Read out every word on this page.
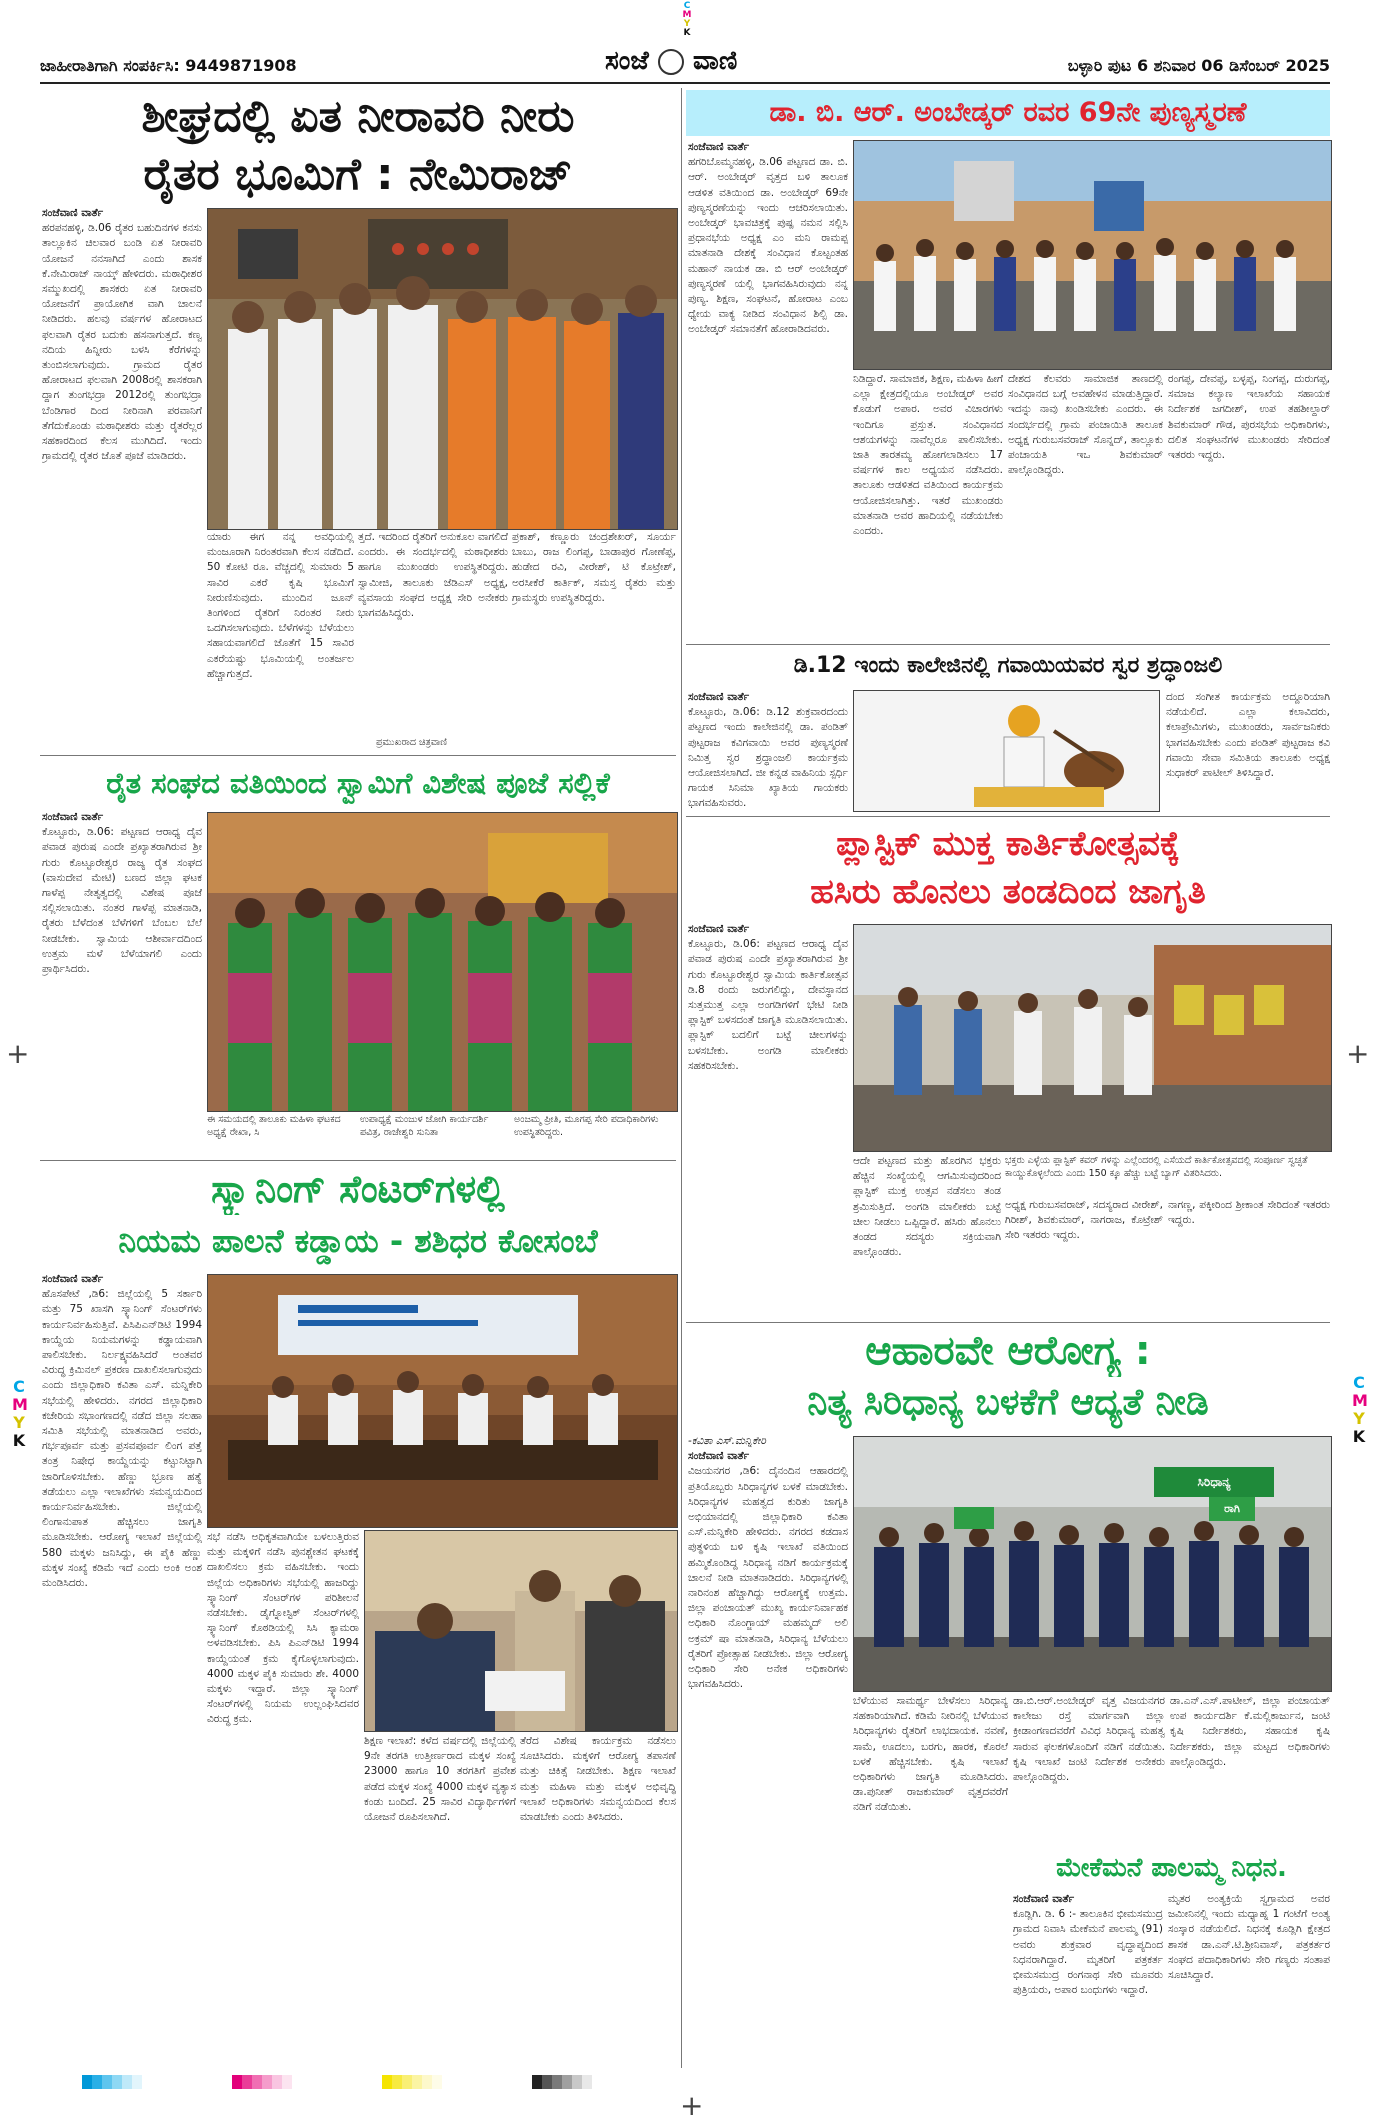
C
M
Y
K
C
M
Y
K
C
M
Y
K
+	+
+
ಜಾಹೀರಾತಿಗಾಗಿ ಸಂಪರ್ಕಿಸಿ: 9449871908	ಸಂಜೆ ವಾಣಿ	ಬಳ್ಳಾರಿ ಪುಟ 6 ಶನಿವಾರ 06 ಡಿಸೆಂಬರ್ 2025
ಶೀಘ್ರದಲ್ಲಿ ಏತ ನೀರಾವರಿ ನೀರು
ರೈತರ ಭೂಮಿಗೆ : ನೇಮಿರಾಜ್
ಸಂಜೆವಾಣಿ ವಾರ್ತೆ

ಹರಪನಹಳ್ಳಿ, ಡಿ.06 ರೈತರ ಬಹುದಿನಗಳ ಕನಸು ತಾಲ್ಲೂಕಿನ ಚಿಲವಾರ ಬಂಡಿ ಏತ ನೀರಾವರಿ ಯೋಜನೆ ನನಸಾಗಿದೆ ಎಂದು ಶಾಸಕ ಕೆ.ನೇಮಿರಾಜ್ ನಾಯ್ಕ್ ಹೇಳಿದರು. ಮಠಾಧೀಶರ ಸಮ್ಮುಖದಲ್ಲಿ ಶಾಸಕರು ಏತ ನೀರಾವರಿ ಯೋಜನೆಗೆ ಪ್ರಾಯೋಗಿಕ ವಾಗಿ ಚಾಲನೆ ನೀಡಿದರು. ಹಲವು ವರ್ಷಗಳ ಹೋರಾಟದ ಫಲವಾಗಿ ರೈತರ ಬದುಕು ಹಸನಾಗುತ್ತದೆ. ಕಣ್ವ ನದಿಯ ಹಿನ್ನೀರು ಬಳಸಿ ಕೆರೆಗಳನ್ನು ತುಂಬಿಸಲಾಗುವುದು. ಗ್ರಾಮದ ರೈತರ ಹೋರಾಟದ ಫಲವಾಗಿ 2008ರಲ್ಲಿ ಶಾಸಕರಾಗಿ ದ್ದಾಗ ತುಂಗಭದ್ರಾ 2012ರಲ್ಲಿ ತುಂಗಭದ್ರಾ ಬೆಂಡಿಗಾರ ದಿಂದ ನೀರಿನಾಗಿ ಪರವಾನಿಗೆ ತೆಗೆದುಕೊಂಡು ಮಠಾಧೀಶರು ಮತ್ತು ರೈತರೆಲ್ಲರ ಸಹಕಾರದಿಂದ ಕೆಲಸ ಮುಗಿದಿದೆ. ಇಂದು ಗ್ರಾಮದಲ್ಲಿ ರೈತರ ಜೊತೆ ಪೂಜೆ ಮಾಡಿದರು.

ಯಾರು ಈಗ ನನ್ನ ಅವಧಿಯಲ್ಲಿ ಮಂಜೂರಾಗಿ ನಿರಂತರವಾಗಿ ಕೆಲಸ ನಡೆದಿದೆ. 50 ಕೋಟಿ ರೂ. ವೆಚ್ಚದಲ್ಲಿ ಸುಮಾರು 5 ಸಾವಿರ ಎಕರೆ ಕೃಷಿ ಭೂಮಿಗೆ ನೀರುಣಿಸುವುದು. ಮುಂದಿನ ಜೂನ್ ತಿಂಗಳಿಂದ ರೈತರಿಗೆ ನಿರಂತರ ನೀರು ಒದಗಿಸಲಾಗುವುದು. ಬೆಳೆಗಳನ್ನು ಬೆಳೆಯಲು ಸಹಾಯವಾಗಲಿದೆ ಜೊತೆಗೆ 15 ಸಾವಿರ ಎಕರೆಯಷ್ಟು ಭೂಮಿಯಲ್ಲಿ ಅಂತರ್ಜಲ ಹೆಚ್ಚಾಗುತ್ತದೆ.

ತ್ತದೆ. ಇದರಿಂದ ರೈತರಿಗೆ ಅನುಕೂಲ ವಾಗಲಿದೆ ಎಂದರು. ಈ ಸಂದರ್ಭದಲ್ಲಿ ಮಠಾಧೀಶರು ಹಾಗೂ ಮುಖಂಡರು ಉಪಸ್ಥಿತರಿದ್ದರು. ಸ್ವಾಮೀಜಿ, ತಾಲೂಕು ಜೆಡಿಎಸ್ ಅಧ್ಯಕ್ಷ, ವ್ಯವಸಾಯ ಸಂಘದ ಅಧ್ಯಕ್ಷ ಸೇರಿ ಅನೇಕರು ಭಾಗವಹಿಸಿದ್ದರು.

ಪ್ರಕಾಶ್, ಕಣ್ಣೂರು ಚಂದ್ರಶೇಖರ್, ಸೂರ್ಯ ಬಾಬು, ರಾಜ ಲಿಂಗಪ್ಪ, ಬಾಡಾಪುರ ಗೋಣೆಪ್ಪ, ಹುಡೇದ ರವಿ, ವೀರೇಶ್, ಟಿ ಕೊಟ್ರೇಶ್, ಅರಸೀಕೆರೆ ಕಾರ್ತಿಕ್, ಸಮಸ್ತ ರೈತರು ಮತ್ತು ಗ್ರಾಮಸ್ಥರು ಉಪಸ್ಥಿತರಿದ್ದರು.

ಪ್ರಮುಖರಾದ ಚಿತ್ರವಾಣಿ
ರೈತ ಸಂಘದ ವತಿಯಿಂದ ಸ್ವಾಮಿಗೆ ವಿಶೇಷ ಪೂಜೆ ಸಲ್ಲಿಕೆ
ಸಂಜೆವಾಣಿ ವಾರ್ತೆ

ಕೊಟ್ಟೂರು, ಡಿ.06: ಪಟ್ಟಣದ ಆರಾಧ್ಯ ದೈವ ಪವಾಡ ಪುರುಷ ಎಂದೇ ಪ್ರಖ್ಯಾತರಾಗಿರುವ ಶ್ರೀ ಗುರು ಕೊಟ್ಟೂರೇಶ್ವರ ರಾಜ್ಯ ರೈತ ಸಂಘದ (ವಾಸುದೇವ ಮೇಟಿ) ಬಣದ ಜಿಲ್ಲಾ ಘಟಕ ಗಾಳೆಪ್ಪ ನೇತೃತ್ವದಲ್ಲಿ ವಿಶೇಷ ಪೂಜೆ ಸಲ್ಲಿಸಲಾಯಿತು. ನಂತರ ಗಾಳೆಪ್ಪ ಮಾತನಾಡಿ, ರೈತರು ಬೆಳೆದಂತ ಬೆಳೆಗಳಿಗೆ ಬೆಂಬಲ ಬೆಲೆ ನೀಡಬೇಕು. ಸ್ವಾಮಿಯ ಆಶೀರ್ವಾದದಿಂದ ಉತ್ತಮ ಮಳೆ ಬೆಳೆಯಾಗಲಿ ಎಂದು ಪ್ರಾರ್ಥಿಸಿದರು.

ಈ ಸಮಯದಲ್ಲಿ ತಾಲೂಕು ಮಹಿಳಾ ಘಟಕದ ಅಧ್ಯಕ್ಷೆ ರೇಖಾ, ಸಿ
ಉಪಾಧ್ಯಕ್ಷೆ ಮಂಜುಳ ಜೋಗಿ ಕಾರ್ಯದರ್ಶಿ ಪವಿತ್ರ, ರಾಜೇಶ್ವರಿ ಸುನಿತಾ
ಅಂಜಮ್ಮ ಪ್ರೀತಿ, ಮೂಗಪ್ಪ ಸೇರಿ ಪದಾಧಿಕಾರಿಗಳು ಉಪಸ್ಥಿತರಿದ್ದರು.
ಸ್ಕ್ಯಾನಿಂಗ್ ಸೆಂಟರ್‌ಗಳಲ್ಲಿ
ನಿಯಮ ಪಾಲನೆ ಕಡ್ಡಾಯ - ಶಶಿಧರ ಕೋಸಂಬೆ
ಸಂಜೆವಾಣಿ ವಾರ್ತೆ

ಹೊಸಪೇಟೆ ,ಡಿ6: ಜಿಲ್ಲೆಯಲ್ಲಿ 5 ಸರ್ಕಾರಿ ಮತ್ತು 75 ಖಾಸಗಿ ಸ್ಕ್ಯಾನಿಂಗ್ ಸೆಂಟರ್‌ಗಳು ಕಾರ್ಯನಿರ್ವಹಿಸುತ್ತಿವೆ. ಪಿಸಿಪಿಎನ್‌ಡಿಟಿ 1994 ಕಾಯ್ದೆಯ ನಿಯಮಗಳನ್ನು ಕಡ್ಡಾಯವಾಗಿ ಪಾಲಿಸಬೇಕು. ನಿರ್ಲಕ್ಷ್ಯವಹಿಸಿದರೆ ಅಂತವರ ವಿರುದ್ಧ ಕ್ರಿಮಿನಲ್ ಪ್ರಕರಣ ದಾಖಲಿಸಲಾಗುವುದು ಎಂದು ಜಿಲ್ಲಾಧಿಕಾರಿ ಕವಿತಾ ಎಸ್. ಮನ್ನಿಕೇರಿ ಸಭೆಯಲ್ಲಿ ಹೇಳಿದರು. ನಗರದ ಜಿಲ್ಲಾಧಿಕಾರಿ ಕಚೇರಿಯ ಸಭಾಂಗಣದಲ್ಲಿ ನಡೆದ ಜಿಲ್ಲಾ ಸಲಹಾ ಸಮಿತಿ ಸಭೆಯಲ್ಲಿ ಮಾತನಾಡಿದ ಅವರು, ಗರ್ಭಪೂರ್ವ ಮತ್ತು ಪ್ರಸವಪೂರ್ವ ಲಿಂಗ ಪತ್ತೆ ತಂತ್ರ ನಿಷೇಧ ಕಾಯ್ದೆಯನ್ನು ಕಟ್ಟುನಿಟ್ಟಾಗಿ ಜಾರಿಗೊಳಿಸಬೇಕು. ಹೆಣ್ಣು ಭ್ರೂಣ ಹತ್ಯೆ ತಡೆಯಲು ಎಲ್ಲಾ ಇಲಾಖೆಗಳು ಸಮನ್ವಯದಿಂದ ಕಾರ್ಯನಿರ್ವಹಿಸಬೇಕು. ಜಿಲ್ಲೆಯಲ್ಲಿ ಲಿಂಗಾನುಪಾತ ಹೆಚ್ಚಿಸಲು ಜಾಗೃತಿ ಮೂಡಿಸಬೇಕು. ಆರೋಗ್ಯ ಇಲಾಖೆ ಜಿಲ್ಲೆಯಲ್ಲಿ 580 ಮಕ್ಕಳು ಜನಿಸಿದ್ದು, ಈ ಪೈಕಿ ಹೆಣ್ಣು ಮಕ್ಕಳ ಸಂಖ್ಯೆ ಕಡಿಮೆ ಇದೆ ಎಂದು ಅಂಕಿ ಅಂಶ ಮಂಡಿಸಿದರು.

ಸಭೆ ನಡೆಸಿ ಅಧಿಕೃತವಾಗಿಯೇ ಬಳಲುತ್ತಿರುವ ಮತ್ತು ಮಕ್ಕಳಿಗೆ ನಡೆಸಿ ಪುನಶ್ಚೇತನ ಘಟಕಕ್ಕೆ ದಾಖಲಿಸಲು ಕ್ರಮ ವಹಿಸಬೇಕು. ಇಂದು ಜಿಲ್ಲೆಯ ಅಧಿಕಾರಿಗಳು ಸಭೆಯಲ್ಲಿ ಹಾಜರಿದ್ದು ಸ್ಕ್ಯಾನಿಂಗ್ ಸೆಂಟರ್‌ಗಳ ಪರಿಶೀಲನೆ ನಡೆಸಬೇಕು. ಡೈಗ್ನೋಸ್ಟಿಕ್ ಸೆಂಟರ್‌ಗಳಲ್ಲಿ ಸ್ಕ್ಯಾನಿಂಗ್ ಕೊಠಡಿಯಲ್ಲಿ ಸಿಸಿ ಕ್ಯಾಮರಾ ಅಳವಡಿಸಬೇಕು. ಪಿಸಿ ಪಿಎನ್‌ಡಿಟಿ 1994 ಕಾಯ್ದೆಯಂತೆ ಕ್ರಮ ಕೈಗೊಳ್ಳಲಾಗುವುದು. 4000 ಮಕ್ಕಳ ಪೈಕಿ ಸುಮಾರು ಶೇ. 4000 ಮಕ್ಕಳು ಇದ್ದಾರೆ. ಜಿಲ್ಲಾ ಸ್ಕ್ಯಾನಿಂಗ್ ಸೆಂಟರ್‌ಗಳಲ್ಲಿ ನಿಯಮ ಉಲ್ಲಂಘಿಸಿದವರ ವಿರುದ್ಧ ಕ್ರಮ.

ಶಿಕ್ಷಣ ಇಲಾಖೆ: ಕಳೆದ ವರ್ಷದಲ್ಲಿ ಜಿಲ್ಲೆಯಲ್ಲಿ 9ನೇ ತರಗತಿ ಉತ್ತೀರ್ಣರಾದ ಮಕ್ಕಳ ಸಂಖ್ಯೆ 23000 ಹಾಗೂ 10 ತರಗತಿಗೆ ಪ್ರವೇಶ ಪಡೆದ ಮಕ್ಕಳ ಸಂಖ್ಯೆ 4000 ಮಕ್ಕಳ ವ್ಯತ್ಯಾಸ ಕಂಡು ಬಂದಿದೆ. 25 ಸಾವಿರ ವಿದ್ಯಾರ್ಥಿಗಳಿಗೆ ಯೋಜನೆ ರೂಪಿಸಲಾಗಿದೆ.

ತೆರೆದ ವಿಶೇಷ ಕಾರ್ಯಕ್ರಮ ನಡೆಸಲು ಸೂಚಿಸಿದರು. ಮಕ್ಕಳಿಗೆ ಆರೋಗ್ಯ ತಪಾಸಣೆ ಮತ್ತು ಚಿಕಿತ್ಸೆ ನೀಡಬೇಕು. ಶಿಕ್ಷಣ ಇಲಾಖೆ ಮತ್ತು ಮಹಿಳಾ ಮತ್ತು ಮಕ್ಕಳ ಅಭಿವೃದ್ಧಿ ಇಲಾಖೆ ಅಧಿಕಾರಿಗಳು ಸಮನ್ವಯದಿಂದ ಕೆಲಸ ಮಾಡಬೇಕು ಎಂದು ತಿಳಿಸಿದರು.

ಡಾ. ಬಿ. ಆರ್. ಅಂಬೇಡ್ಕರ್ ರವರ 69ನೇ ಪುಣ್ಯಸ್ಮರಣೆ
ಸಂಜೆವಾಣಿ ವಾರ್ತೆ

ಹಗರಿಬೊಮ್ಮನಹಳ್ಳಿ, ಡಿ.06 ಪಟ್ಟಣದ ಡಾ. ಬಿ. ಆರ್. ಅಂಬೇಡ್ಕರ್ ವೃತ್ತದ ಬಳಿ ತಾಲೂಕ ಆಡಳಿತ ವತಿಯಿಂದ ಡಾ. ಅಂಬೇಡ್ಕರ್ 69ನೇ ಪುಣ್ಯಸ್ಮರಣೆಯನ್ನು ಇಂದು ಆಚರಿಸಲಾಯಿತು. ಅಂಬೇಡ್ಕರ್ ಭಾವಚಿತ್ರಕ್ಕೆ ಪುಷ್ಪ ನಮನ ಸಲ್ಲಿಸಿ ಪ್ರಧಾನಭೆಯ ಅಧ್ಯಕ್ಷ ಎಂ ಮನಿ ರಾಮಪ್ಪ ಮಾತನಾಡಿ ದೇಶಕ್ಕೆ ಸಂವಿಧಾನ ಕೊಟ್ಟಂತಹ ಮಹಾನ್ ನಾಯಕ ಡಾ. ಬಿ ಆರ್ ಅಂಬೇಡ್ಕರ್ ಪುಣ್ಯಸ್ಮರಣೆ ಯಲ್ಲಿ ಭಾಗವಹಿಸಿರುವುದು ನನ್ನ ಪುಣ್ಯ. ಶಿಕ್ಷಣ, ಸಂಘಟನೆ, ಹೋರಾಟ ಎಂಬ ಧ್ಯೇಯ ವಾಕ್ಯ ನೀಡಿದ ಸಂವಿಧಾನ ಶಿಲ್ಪಿ ಡಾ. ಅಂಬೇಡ್ಕರ್ ಸಮಾನತೆಗೆ ಹೋರಾಡಿದವರು.

ನಿಡಿದ್ದಾರೆ. ಸಾಮಾಜಿಕ, ಶಿಕ್ಷಣ, ಮಹಿಳಾ ಹೀಗೆ ಎಲ್ಲಾ ಕ್ಷೇತ್ರದಲ್ಲಿಯೂ ಅಂಬೇಡ್ಕರ್ ಅವರ ಕೊಡುಗೆ ಅಪಾರ. ಅವರ ವಿಚಾರಗಳು ಇಂದಿಗೂ ಪ್ರಸ್ತುತ. ಸಂವಿಧಾನದ ಆಶಯಗಳನ್ನು ನಾವೆಲ್ಲರೂ ಪಾಲಿಸಬೇಕು. ಜಾತಿ ತಾರತಮ್ಯ ಹೋಗಲಾಡಿಸಲು 17 ವರ್ಷಗಳ ಕಾಲ ಅಧ್ಯಯನ ನಡೆಸಿದರು. ತಾಲೂಕು ಆಡಳಿತದ ವತಿಯಿಂದ ಕಾರ್ಯಕ್ರಮ ಆಯೋಜಿಸಲಾಗಿತ್ತು. ಇತರೆ ಮುಖಂಡರು ಮಾತನಾಡಿ ಅವರ ಹಾದಿಯಲ್ಲಿ ನಡೆಯಬೇಕು ಎಂದರು.

ದೇಶದ ಕೆಲವರು ಸಾಮಾಜಿಕ ತಾಣದಲ್ಲಿ ಸಂವಿಧಾನದ ಬಗ್ಗೆ ಅವಹೇಳನ ಮಾಡುತ್ತಿದ್ದಾರೆ. ಇದನ್ನು ನಾವು ಖಂಡಿಸಬೇಕು ಎಂದರು. ಈ ಸಂದರ್ಭದಲ್ಲಿ ಗ್ರಾಮ ಪಂಚಾಯಿತಿ ತಾಲೂಕ ಅಧ್ಯಕ್ಷ ಗುರುಬಸವರಾಜ್ ಸೊನ್ನದ್, ತಾಲ್ಲೂಕು ಪಂಚಾಯತಿ ಇಒ ಶಿವಕುಮಾರ್ ಪಾಲ್ಗೊಂಡಿದ್ದರು.

ರಂಗಪ್ಪ, ದೇವಪ್ಪ, ಬಳ್ಳಪ್ಪ, ನಿಂಗಪ್ಪ, ದುರುಗಪ್ಪ, ಸಮಾಜ ಕಲ್ಯಾಣ ಇಲಾಖೆಯ ಸಹಾಯಕ ನಿರ್ದೇಶಕ ಜಗದೀಶ್, ಉಪ ತಹಶೀಲ್ದಾರ್ ಶಿವಕುಮಾರ್ ಗೌಡ, ಪುರಸಭೆಯ ಅಧಿಕಾರಿಗಳು, ದಲಿತ ಸಂಘಟನೆಗಳ ಮುಖಂಡರು ಸೇರಿದಂತೆ ಇತರರು ಇದ್ದರು.

ಡಿ.12 ಇಂದು ಕಾಲೇಜಿನಲ್ಲಿ ಗವಾಯಿಯವರ ಸ್ವರ ಶ್ರದ್ಧಾಂಜಲಿ
ಸಂಜೆವಾಣಿ ವಾರ್ತೆ

ಕೊಟ್ಟೂರು, ಡಿ.06: ಡಿ.12 ಶುಕ್ರವಾರದಂದು ಪಟ್ಟಣದ ಇಂದು ಕಾಲೇಜಿನಲ್ಲಿ ಡಾ. ಪಂಡಿತ್ ಪುಟ್ಟರಾಜ ಕವಿಗವಾಯಿ ಅವರ ಪುಣ್ಯಸ್ಮರಣೆ ನಿಮಿತ್ತ ಸ್ವರ ಶ್ರದ್ಧಾಂಜಲಿ ಕಾರ್ಯಕ್ರಮ ಆಯೋಜಿಸಲಾಗಿದೆ. ಜೀ ಕನ್ನಡ ವಾಹಿನಿಯ ಸ್ಪರ್ಧಿ ಗಾಯಕ ಸಿನಿಮಾ ಖ್ಯಾತಿಯ ಗಾಯಕರು ಭಾಗವಹಿಸುವರು.

ದಂದ ಸಂಗೀತ ಕಾರ್ಯಕ್ರಮ ಅದ್ದೂರಿಯಾಗಿ ನಡೆಯಲಿದೆ. ಎಲ್ಲಾ ಕಲಾವಿದರು, ಕಲಾಪ್ರೇಮಿಗಳು, ಮುಖಂಡರು, ಸಾರ್ವಜನಿಕರು ಭಾಗವಹಿಸಬೇಕು ಎಂದು ಪಂಡಿತ್ ಪುಟ್ಟರಾಜ ಕವಿ ಗವಾಯಿ ಸೇವಾ ಸಮಿತಿಯ ತಾಲೂಕು ಅಧ್ಯಕ್ಷ ಸುಧಾಕರ್ ಪಾಟೀಲ್ ತಿಳಿಸಿದ್ದಾರೆ.

ಪ್ಲಾಸ್ಟಿಕ್ ಮುಕ್ತ ಕಾರ್ತಿಕೋತ್ಸವಕ್ಕೆ
ಹಸಿರು ಹೊನಲು ತಂಡದಿಂದ ಜಾಗೃತಿ
ಸಂಜೆವಾಣಿ ವಾರ್ತೆ

ಕೊಟ್ಟೂರು, ಡಿ.06: ಪಟ್ಟಣದ ಆರಾಧ್ಯ ದೈವ ಪವಾಡ ಪುರುಷ ಎಂದೇ ಪ್ರಖ್ಯಾತರಾಗಿರುವ ಶ್ರೀ ಗುರು ಕೊಟ್ಟೂರೇಶ್ವರ ಸ್ವಾಮಿಯ ಕಾರ್ತಿಕೋತ್ಸವ ಡಿ.8 ರಂದು ಜರುಗಲಿದ್ದು, ದೇವಸ್ಥಾನದ ಸುತ್ತಮುತ್ತ ಎಲ್ಲಾ ಅಂಗಡಿಗಳಿಗೆ ಭೇಟಿ ನೀಡಿ ಪ್ಲಾಸ್ಟಿಕ್ ಬಳಸದಂತೆ ಜಾಗೃತಿ ಮೂಡಿಸಲಾಯಿತು. ಪ್ಲಾಸ್ಟಿಕ್ ಬದಲಿಗೆ ಬಟ್ಟೆ ಚೀಲಗಳನ್ನು ಬಳಸಬೇಕು. ಅಂಗಡಿ ಮಾಲೀಕರು ಸಹಕರಿಸಬೇಕು.

ಭಕ್ತರು ಎಳ್ಳೆಯ ಪ್ಲಾಸ್ಟಿಕ್ ಕವರ್ ಗಳನ್ನು ಎಲ್ಲೆಂದರಲ್ಲಿ ಎಸೆಯದೆ ಕಾರ್ತಿಕೋತ್ಸವದಲ್ಲಿ ಸಂಪೂರ್ಣ ಸ್ವಚ್ಛತೆ ಕಾಯ್ದುಕೊಳ್ಳಲೆಂದು ಎಂದು 150 ಕ್ಕೂ ಹೆಚ್ಚು ಬಟ್ಟೆ ಬ್ಯಾಗ್ ವಿತರಿಸಿದರು.

ಆದೇ ಪಟ್ಟಣದ ಮತ್ತು ಹೊರಗಿನ ಭಕ್ತರು ಹೆಚ್ಚಿನ ಸಂಖ್ಯೆಯಲ್ಲಿ ಆಗಮಿಸುವುದರಿಂದ ಪ್ಲಾಸ್ಟಿಕ್ ಮುಕ್ತ ಉತ್ಸವ ನಡೆಸಲು ತಂಡ ಶ್ರಮಿಸುತ್ತಿದೆ. ಅಂಗಡಿ ಮಾಲೀಕರು ಬಟ್ಟೆ ಚೀಲ ನೀಡಲು ಒಪ್ಪಿದ್ದಾರೆ. ಹಸಿರು ಹೊನಲು ತಂಡದ ಸದಸ್ಯರು ಸಕ್ರಿಯವಾಗಿ ಪಾಲ್ಗೊಂಡರು.

ಅಧ್ಯಕ್ಷ ಗುರುಬಸವರಾಜ್, ಸದಸ್ಯರಾದ ವೀರೇಶ್, ಗಿರೀಶ್, ಶಿವಕುಮಾರ್, ನಾಗರಾಜ, ಕೊಟ್ರೇಶ್ ಸೇರಿ ಇತರರು ಇದ್ದರು.

ನಾಗಣ್ಣ, ಪಕ್ಕೀರಿಂದ ಶ್ರೀಕಾಂತ ಸೇರಿದಂತೆ ಇತರರು ಇದ್ದರು.

ಆಹಾರವೇ ಆರೋಗ್ಯ :
ನಿತ್ಯ ಸಿರಿಧಾನ್ಯ ಬಳಕೆಗೆ ಆದ್ಯತೆ ನೀಡಿ
-ಕವಿತಾ ಎಸ್.ಮನ್ನಿಕೇರಿ
ಸಂಜೆವಾಣಿ ವಾರ್ತೆ

ವಿಜಯನಗರ ,ಡಿ6: ದೈನಂದಿನ ಆಹಾರದಲ್ಲಿ ಪ್ರತಿಯೊಬ್ಬರು ಸಿರಿಧಾನ್ಯಗಳ ಬಳಕೆ ಮಾಡಬೇಕು. ಸಿರಿಧಾನ್ಯಗಳ ಮಹತ್ವದ ಕುರಿತು ಜಾಗೃತಿ ಅಭಿಯಾನದಲ್ಲಿ ಜಿಲ್ಲಾಧಿಕಾರಿ ಕವಿತಾ ಎಸ್.ಮನ್ನಿಕೇರಿ ಹೇಳಿದರು. ನಗರದ ಕಡದಾಸ ಪುತ್ಥಳಿಯ ಬಳಿ ಕೃಷಿ ಇಲಾಖೆ ವತಿಯಿಂದ ಹಮ್ಮಿಕೊಂಡಿದ್ದ ಸಿರಿಧಾನ್ಯ ನಡಿಗೆ ಕಾರ್ಯಕ್ರಮಕ್ಕೆ ಚಾಲನೆ ನೀಡಿ ಮಾತನಾಡಿದರು. ಸಿರಿಧಾನ್ಯಗಳಲ್ಲಿ ನಾರಿನಂಶ ಹೆಚ್ಚಾಗಿದ್ದು ಆರೋಗ್ಯಕ್ಕೆ ಉತ್ತಮ. ಜಿಲ್ಲಾ ಪಂಚಾಯತ್ ಮುಖ್ಯ ಕಾರ್ಯನಿರ್ವಾಹಕ ಅಧಿಕಾರಿ ನೊಂಗ್ಜಾಯ್ ಮಹಮ್ಮದ್ ಅಲಿ ಅಕ್ರಮ್ ಷಾ ಮಾತನಾಡಿ, ಸಿರಿಧಾನ್ಯ ಬೆಳೆಯಲು ರೈತರಿಗೆ ಪ್ರೋತ್ಸಾಹ ನೀಡಬೇಕು. ಜಿಲ್ಲಾ ಆರೋಗ್ಯ ಅಧಿಕಾರಿ ಸೇರಿ ಅನೇಕ ಅಧಿಕಾರಿಗಳು ಭಾಗವಹಿಸಿದರು.

ಸಿರಿಧಾನ್ಯ
ರಾಗಿ

ಬೆಳೆಯುವ ಸಾಮರ್ಥ್ಯ ಬೇಳೆಸಲು ಸಿರಿಧಾನ್ಯ ಸಹಕಾರಿಯಾಗಿದೆ. ಕಡಿಮೆ ನೀರಿನಲ್ಲಿ ಬೆಳೆಯುವ ಸಿರಿಧಾನ್ಯಗಳು ರೈತರಿಗೆ ಲಾಭದಾಯಕ. ನವಣೆ, ಸಾಮೆ, ಊದಲು, ಬರಗು, ಹಾರಕ, ಕೊರಲೆ ಬಳಕೆ ಹೆಚ್ಚಿಸಬೇಕು. ಕೃಷಿ ಇಲಾಖೆ ಅಧಿಕಾರಿಗಳು ಜಾಗೃತಿ ಮೂಡಿಸಿದರು. ಡಾ.ಪುನೀತ್ ರಾಜಕುಮಾರ್ ವೃತ್ತದವರೆಗೆ ನಡಿಗೆ ನಡೆಯಿತು.

ಡಾ.ಬಿ.ಆರ್.ಅಂಬೇಡ್ಕರ್ ವೃತ್ತ ವಿಜಯನಗರ ಕಾಲೇಜು ರಸ್ತೆ ಮಾರ್ಗವಾಗಿ ಜಿಲ್ಲಾ ಕ್ರೀಡಾಂಗಣದವರೆಗೆ ವಿವಿಧ ಸಿರಿಧಾನ್ಯ ಮಹತ್ವ ಸಾರುವ ಫಲಕಗಳೊಂದಿಗೆ ನಡಿಗೆ ನಡೆಯಿತು. ಕೃಷಿ ಇಲಾಖೆ ಜಂಟಿ ನಿರ್ದೇಶಕ ಅನೇಕರು ಪಾಲ್ಗೊಂಡಿದ್ದರು.

ಡಾ.ಎನ್.ಎಸ್.ಪಾಟೀಲ್, ಜಿಲ್ಲಾ ಪಂಚಾಯತ್ ಉಪ ಕಾರ್ಯದರ್ಶಿ ಕೆ.ಮಲ್ಲಿಕಾರ್ಜುನ, ಜಂಟಿ ಕೃಷಿ ನಿರ್ದೇಶಕರು, ಸಹಾಯಕ ಕೃಷಿ ನಿರ್ದೇಶಕರು, ಜಿಲ್ಲಾ ಮಟ್ಟದ ಅಧಿಕಾರಿಗಳು ಪಾಲ್ಗೊಂಡಿದ್ದರು.

ಮೇಕೆಮನೆ ಪಾಲಮ್ಮ ನಿಧನ.
ಸಂಜೆವಾಣಿ ವಾರ್ತೆ

ಕೂಡ್ಲಿಗಿ. ಡಿ. 6 :- ತಾಲೂಕಿನ ಭೀಮಸಮುದ್ರ ಗ್ರಾಮದ ನಿವಾಸಿ ಮೇಕೆಮನೆ ಪಾಲಮ್ಮ (91) ಅವರು ಶುಕ್ರವಾರ ವೃದ್ಧಾಪ್ಯದಿಂದ ನಿಧನರಾಗಿದ್ದಾರೆ. ಮೃತರಿಗೆ ಪತ್ರಕರ್ತ ಭೀಮಸಮುದ್ರ ರಂಗನಾಥ ಸೇರಿ ಮೂವರು ಪುತ್ರಿಯರು, ಅಪಾರ ಬಂಧುಗಳು ಇದ್ದಾರೆ.

ಮೃತರ ಅಂತ್ಯಕ್ರಿಯೆ ಸ್ವಗ್ರಾಮದ ಅವರ ಜಮೀನಿನಲ್ಲಿ ಇಂದು ಮಧ್ಯಾಹ್ನ 1 ಗಂಟೆಗೆ ಅಂತ್ಯ ಸಂಸ್ಕಾರ ನಡೆಯಲಿದೆ. ನಿಧನಕ್ಕೆ ಕೂಡ್ಲಿಗಿ ಕ್ಷೇತ್ರದ ಶಾಸಕ ಡಾ.ಎನ್.ಟಿ.ಶ್ರೀನಿವಾಸ್, ಪತ್ರಕರ್ತರ ಸಂಘದ ಪದಾಧಿಕಾರಿಗಳು ಸೇರಿ ಗಣ್ಯರು ಸಂತಾಪ ಸೂಚಿಸಿದ್ದಾರೆ.
